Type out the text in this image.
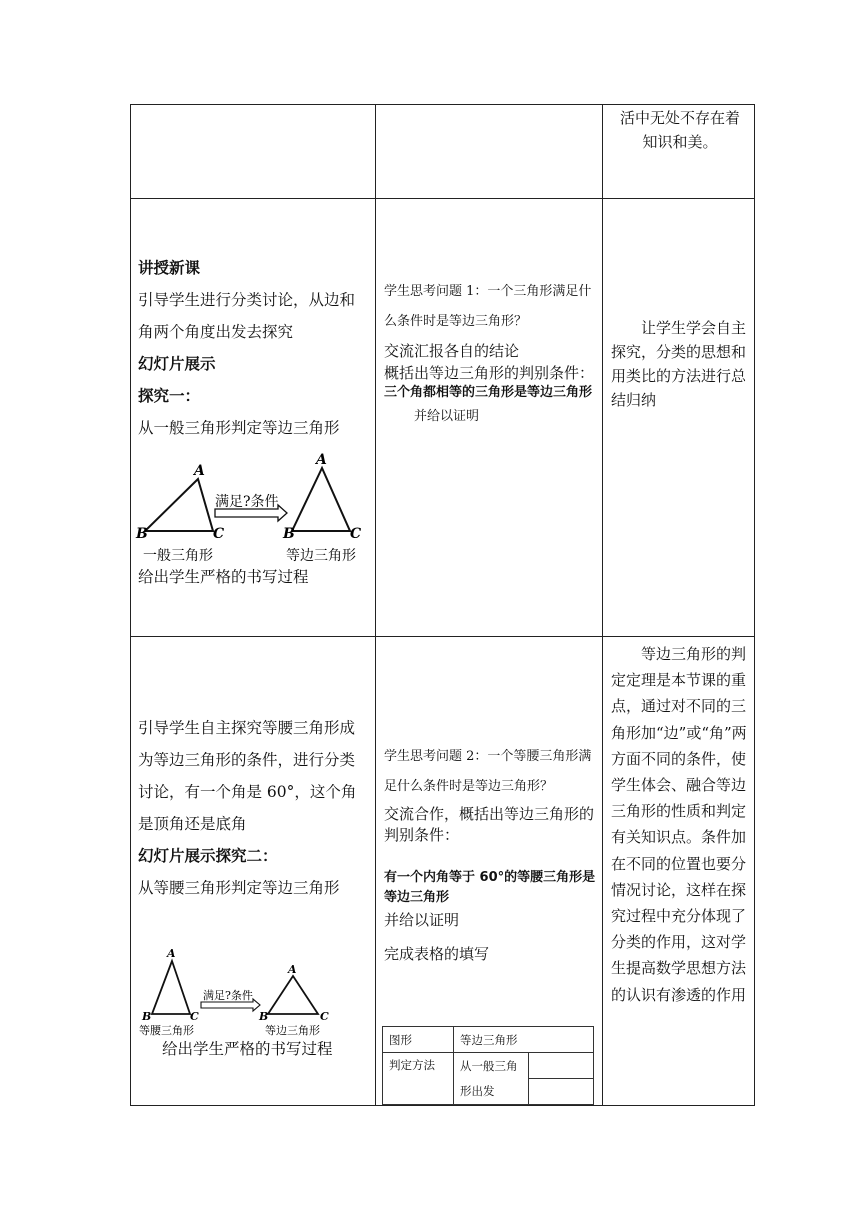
活中无处不存在着知识和美。

讲授新课

引导学生进行分类讨论，从边和角两个角度出发去探究

幻灯片展示

探究一：

从一般三角形判定等边三角形

A
B	C
满足?条件
A
B	C
一般三角形	等边三角形
给出学生严格的书写过程

学生思考问题 1：一个三角形满足什么条件时是等边三角形？

交流汇报各自的结论

概括出等边三角形的判别条件：

三个角都相等的三角形是等边三角形

并给以证明

让学生学会自主探究，分类的思想和用类比的方法进行总结归纳

引导学生自主探究等腰三角形成为等边三角形的条件，进行分类讨论，有一个角是 60°，这个角是顶角还是底角

幻灯片展示探究二：

从等腰三角形判定等边三角形

A
B	C
满足?条件
A
B	C
等腰三角形	等边三角形
给出学生严格的书写过程

学生思考问题 2：一个等腰三角形满足什么条件时是等边三角形？

交流合作，概括出等边三角形的判别条件：

有一个内角等于 60°的等腰三角形是等边三角形

并给以证明

完成表格的填写

图形	等边三角形	
判定方法	从一般三角形出发	

等边三角形的判定定理是本节课的重点，通过对不同的三角形加“边”或“角”两方面不同的条件，使学生体会、融合等边三角形的性质和判定有关知识点。条件加在不同的位置也要分情况讨论，这样在探究过程中充分体现了分类的作用，这对学生提高数学思想方法的认识有渗透的作用
